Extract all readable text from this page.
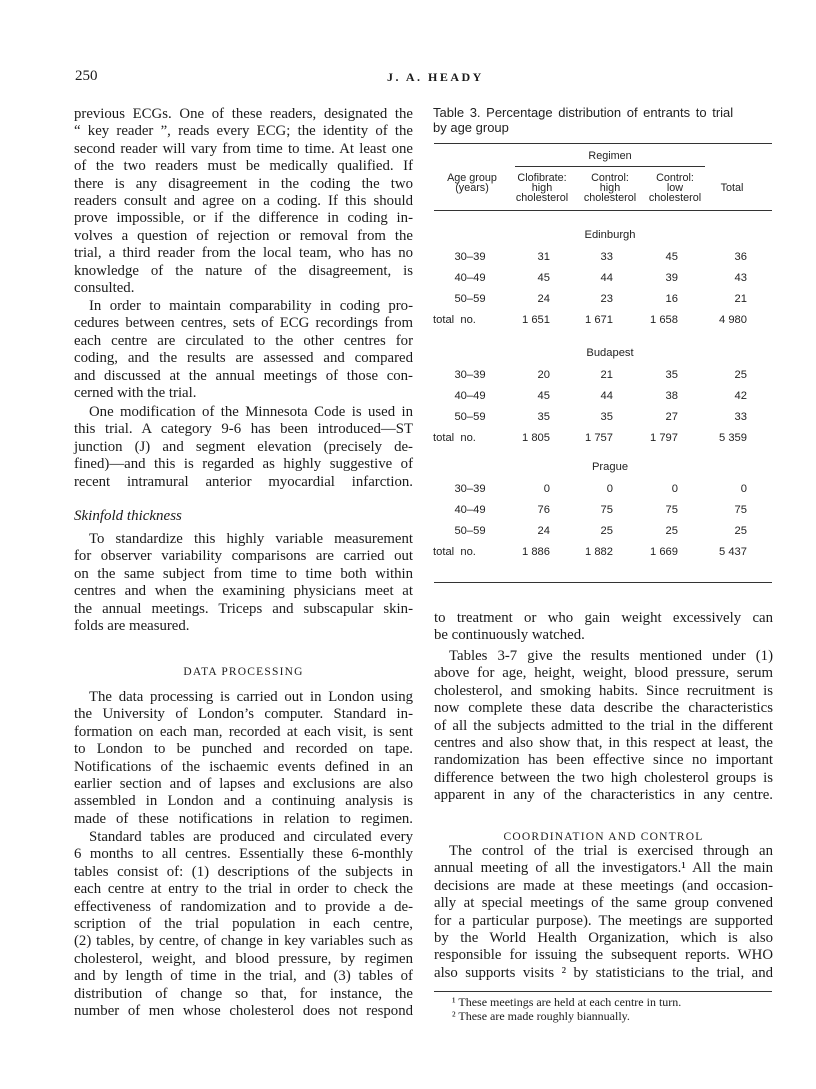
250	J. A. HEADY
previous ECGs. One of these readers, designated the
“ key reader ”, reads every ECG; the identity of the
second reader will vary from time to time. At least one
of the two readers must be medically qualified. If
there is any disagreement in the coding the two
readers consult and agree on a coding. If this should
prove impossible, or if the difference in coding in-
volves a question of rejection or removal from the
trial, a third reader from the local team, who has no
knowledge of the nature of the disagreement, is
consulted.
In order to maintain comparability in coding pro-
cedures between centres, sets of ECG recordings from
each centre are circulated to the other centres for
coding, and the results are assessed and compared
and discussed at the annual meetings of those con-
cerned with the trial.
One modification of the Minnesota Code is used in
this trial. A category 9-6 has been introduced—ST
junction (J) and segment elevation (precisely de-
fined)—and this is regarded as highly suggestive of
recent intramural anterior myocardial infarction.
Skinfold thickness
To standardize this highly variable measurement
for observer variability comparisons are carried out
on the same subject from time to time both within
centres and when the examining physicians meet at
the annual meetings. Triceps and subscapular skin-
folds are measured.
DATA PROCESSING
The data processing is carried out in London using
the University of London’s computer. Standard in-
formation on each man, recorded at each visit, is sent
to London to be punched and recorded on tape.
Notifications of the ischaemic events defined in an
earlier section and of lapses and exclusions are also
assembled in London and a continuing analysis is
made of these notifications in relation to regimen.
Standard tables are produced and circulated every
6 months to all centres. Essentially these 6-monthly
tables consist of: (1) descriptions of the subjects in
each centre at entry to the trial in order to check the
effectiveness of randomization and to provide a de-
scription of the trial population in each centre,
(2) tables, by centre, of change in key variables such as
cholesterol, weight, and blood pressure, by regimen
and by length of time in the trial, and (3) tables of
distribution of change so that, for instance, the
number of men whose cholesterol does not respond
Table 3. Percentage distribution of entrants to trial
by age group
Regimen
Age group
(years)
Clofibrate:
high
cholesterol
Control:
high
cholesterol
Control:
low
cholesterol
Total
Edinburgh
30–39	31	33	45	36
40–49	45	44	39	43
50–59	24	23	16	21
total  no.	1 651	1 671	1 658	4 980
Budapest
30–39	20	21	35	25
40–49	45	44	38	42
50–59	35	35	27	33
total  no.	1 805	1 757	1 797	5 359
Prague
30–39	0	0	0	0
40–49	76	75	75	75
50–59	24	25	25	25
total  no.	1 886	1 882	1 669	5 437
to treatment or who gain weight excessively can
be continuously watched.
Tables 3-7 give the results mentioned under (1)
above for age, height, weight, blood pressure, serum
cholesterol, and smoking habits. Since recruitment is
now complete these data describe the characteristics
of all the subjects admitted to the trial in the different
centres and also show that, in this respect at least, the
randomization has been effective since no important
difference between the two high cholesterol groups is
apparent in any of the characteristics in any centre.
COORDINATION AND CONTROL
The control of the trial is exercised through an
annual meeting of all the investigators.¹ All the main
decisions are made at these meetings (and occasion-
ally at special meetings of the same group convened
for a particular purpose). The meetings are supported
by the World Health Organization, which is also
responsible for issuing the subsequent reports. WHO
also supports visits ² by statisticians to the trial, and
¹ These meetings are held at each centre in turn.
² These are made roughly biannually.
